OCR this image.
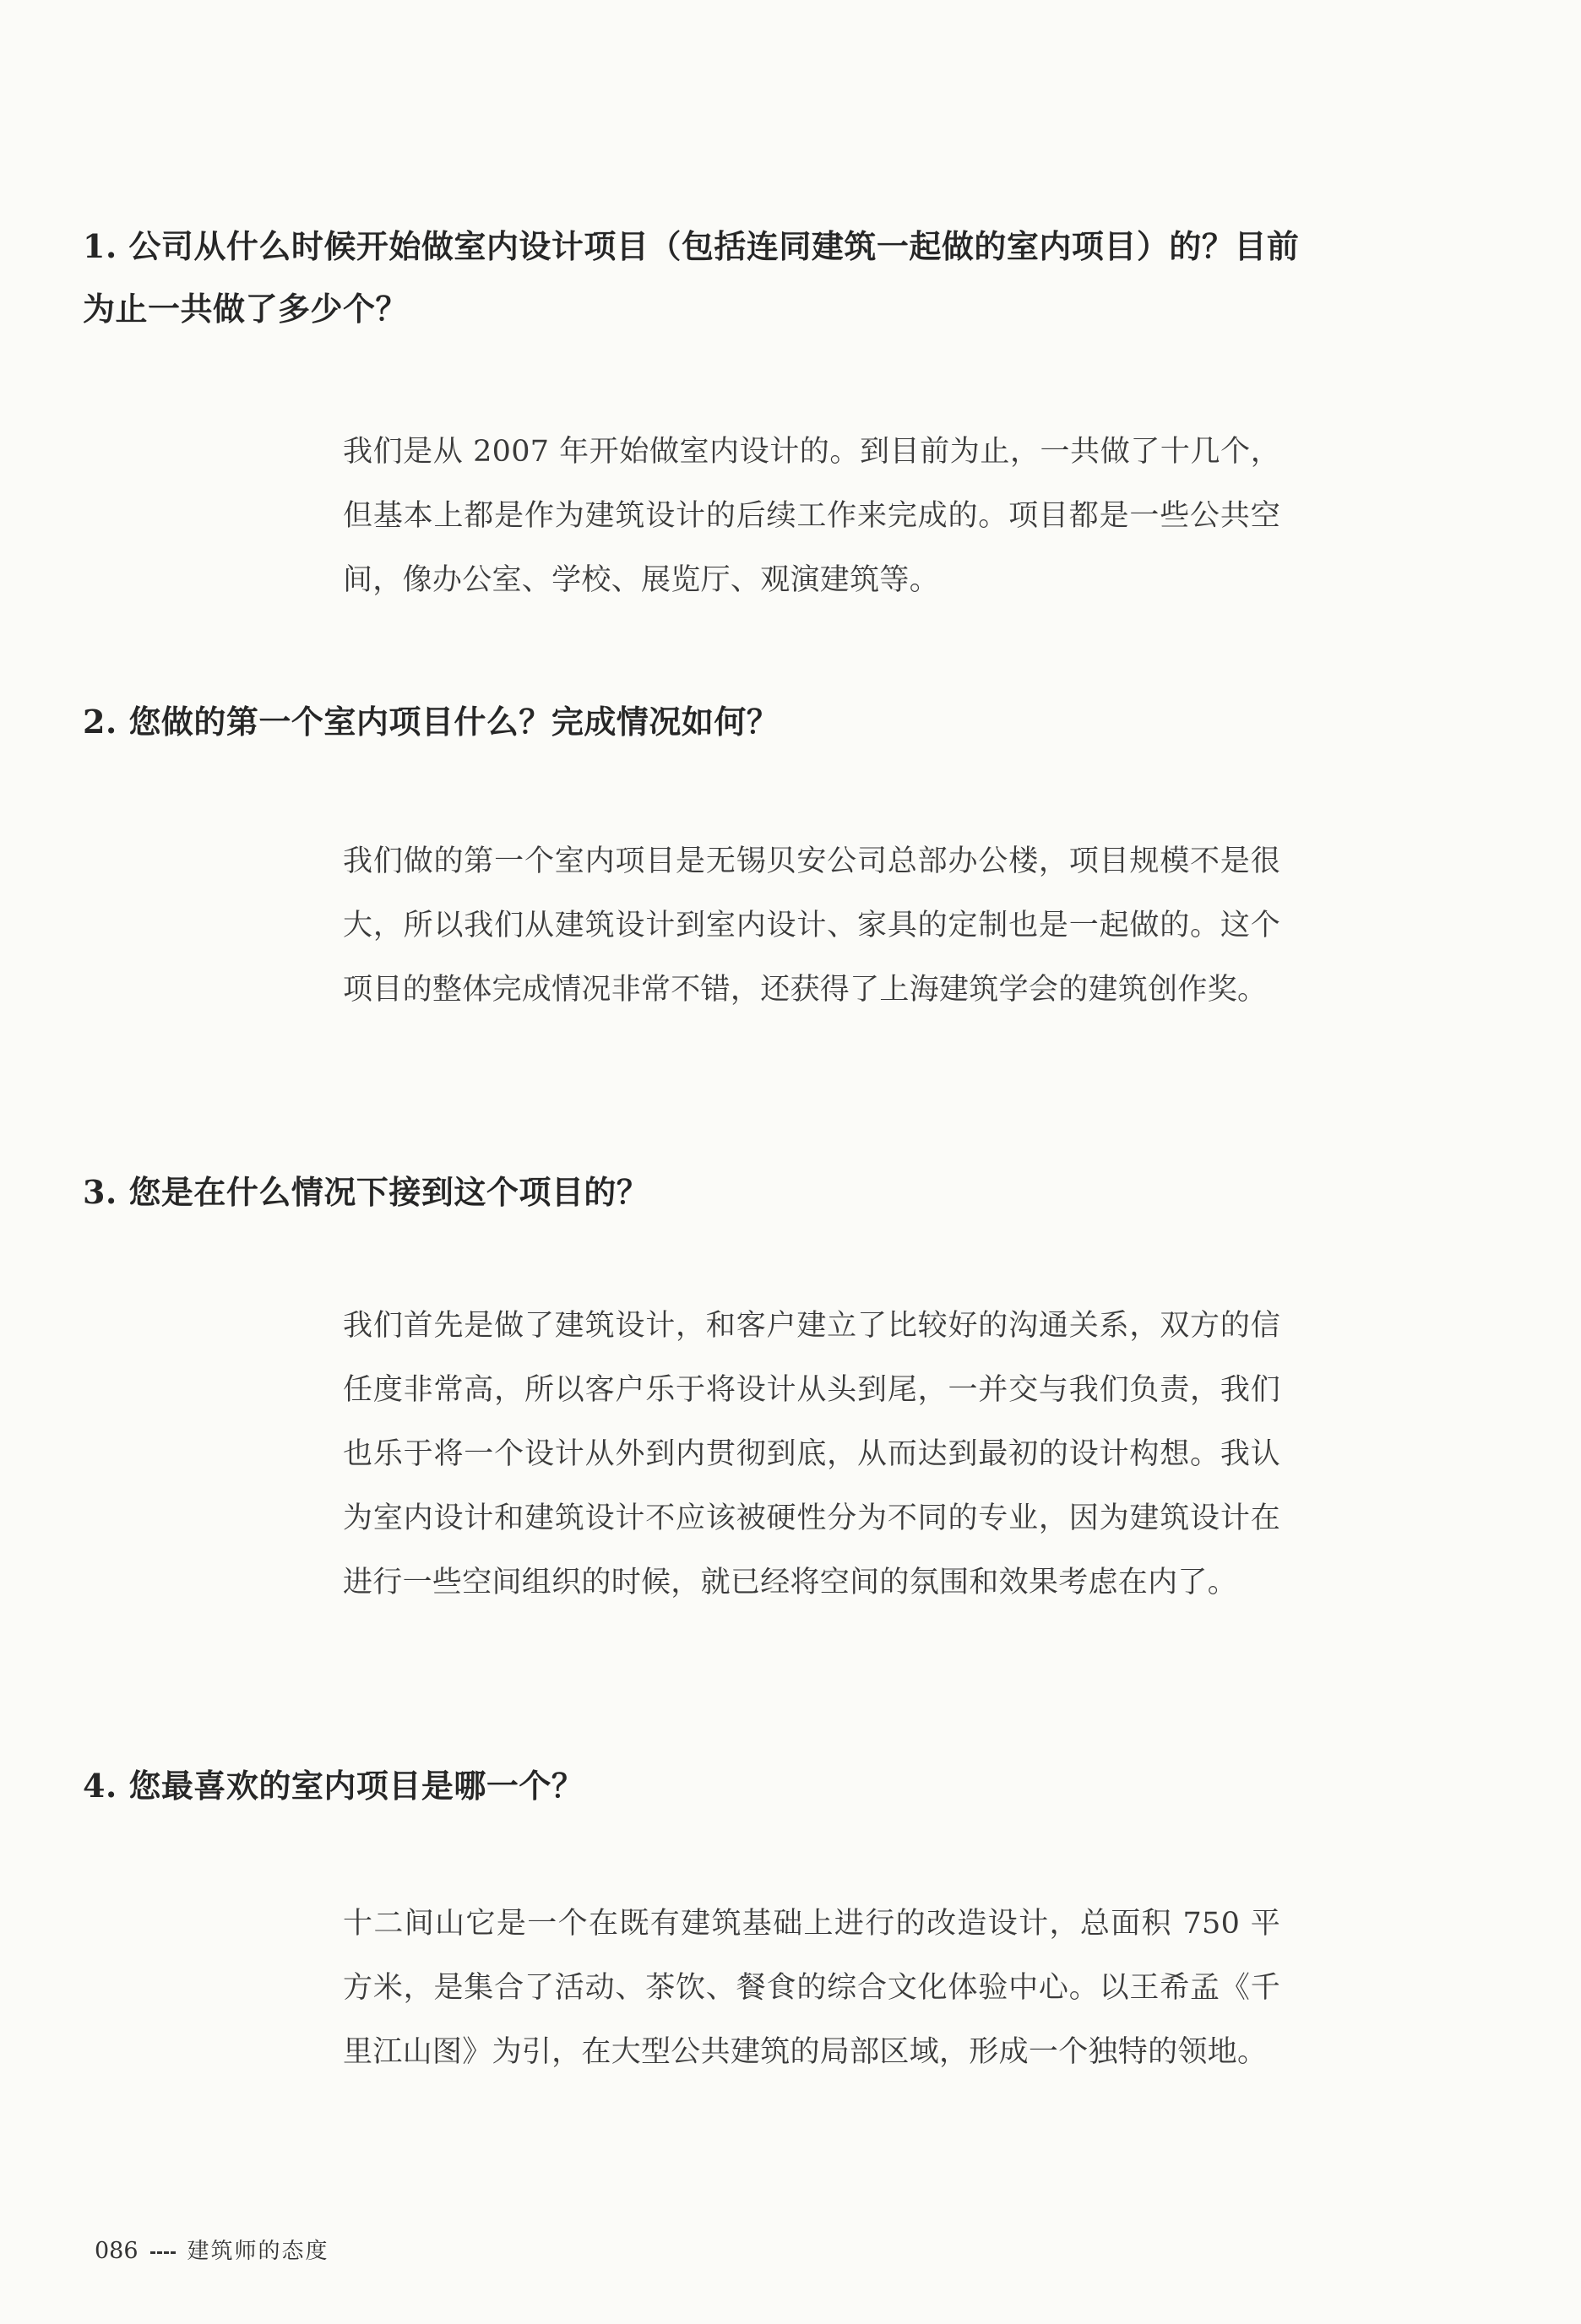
1. 公司从什么时候开始做室内设计项目（包括连同建筑一起做的室内项目）的？目前为止一共做了多少个？
我们是从 2007 年开始做室内设计的。到目前为止，一共做了十几个，但基本上都是作为建筑设计的后续工作来完成的。项目都是一些公共空间，像办公室、学校、展览厅、观演建筑等。
2. 您做的第一个室内项目什么？完成情况如何？
我们做的第一个室内项目是无锡贝安公司总部办公楼，项目规模不是很大，所以我们从建筑设计到室内设计、家具的定制也是一起做的。这个项目的整体完成情况非常不错，还获得了上海建筑学会的建筑创作奖。
3. 您是在什么情况下接到这个项目的？
我们首先是做了建筑设计，和客户建立了比较好的沟通关系，双方的信任度非常高，所以客户乐于将设计从头到尾，一并交与我们负责，我们也乐于将一个设计从外到内贯彻到底，从而达到最初的设计构想。我认为室内设计和建筑设计不应该被硬性分为不同的专业，因为建筑设计在进行一些空间组织的时候，就已经将空间的氛围和效果考虑在内了。
4. 您最喜欢的室内项目是哪一个？
十二间山它是一个在既有建筑基础上进行的改造设计，总面积 750 平方米，是集合了活动、茶饮、餐食的综合文化体验中心。以王希孟《千里江山图》为引，在大型公共建筑的局部区域，形成一个独特的领地。
086 建筑师的态度
